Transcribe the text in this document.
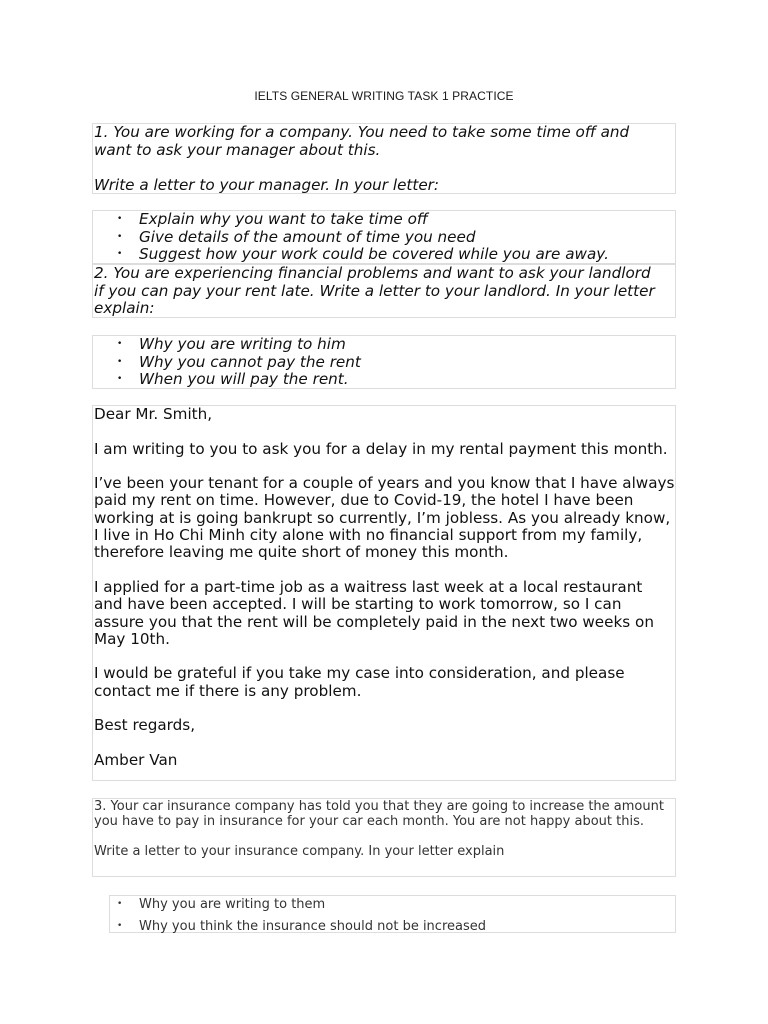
IELTS GENERAL WRITING TASK 1 PRACTICE

1. You are working for a company. You need to take some time off and

want to ask your manager about this.

Write a letter to your manager. In your letter:

• Explain why you want to take time off
• Give details of the amount of time you need
• Suggest how your work could be covered while you are away.

2. You are experiencing financial problems and want to ask your landlord

if you can pay your rent late. Write a letter to your landlord. In your letter

explain:

• Why you are writing to him
• Why you cannot pay the rent
• When you will pay the rent.

Dear Mr. Smith,

I am writing to you to ask you for a delay in my rental payment this month.

I’ve been your tenant for a couple of years and you know that I have always paid my rent on time. However, due to Covid-19, the hotel I have been working at is going bankrupt so currently, I’m jobless. As you already know, I live in Ho Chi Minh city alone with no financial support from my family, therefore leaving me quite short of money this month.

I applied for a part-time job as a waitress last week at a local restaurant and have been accepted. I will be starting to work tomorrow, so I can assure you that the rent will be completely paid in the next two weeks on May 10th.

I would be grateful if you take my case into consideration, and please contact me if there is any problem.

Best regards,

Amber Van

3. Your car insurance company has told you that they are going to increase the amount you have to pay in insurance for your car each month. You are not happy about this.

Write a letter to your insurance company. In your letter explain

• Why you are writing to them
• Why you think the insurance should not be increased
